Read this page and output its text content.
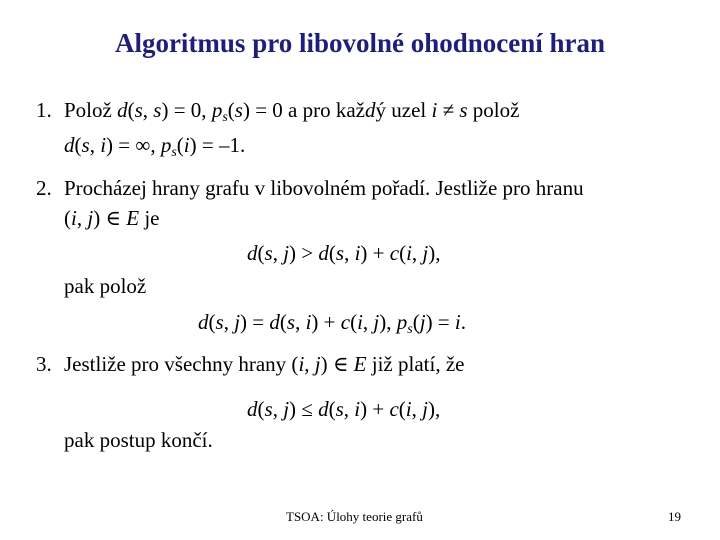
Algoritmus pro libovolné ohodnocení hran
1. Polož d(s, s) = 0, $p_s(s) = 0$ a pro každý uzel i ≠ s polož
d(s, i) = ∞, $p_s(i) = -1$.
2. Procházej hrany grafu v libovolném pořadí. Jestliže pro hranu
(i, j) ∈ E je
d(s, j) > d(s, i) + c(i, j),
pak polož
d(s, j) = d(s, i) + c(i, j), $p_s(j) = i$.
3. Jestliže pro všechny hrany (i, j) ∈ E již platí, že
d(s, j) ≤ d(s, i) + c(i, j),
pak postup končí.
TSOA: Úlohy teorie grafů	19
